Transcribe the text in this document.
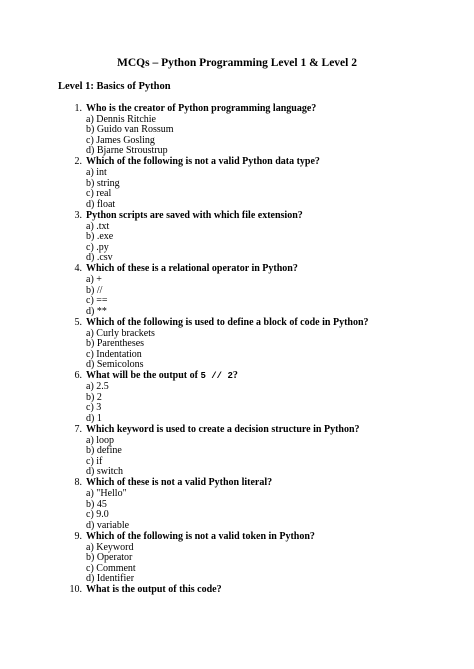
MCQs – Python Programming Level 1 & Level 2
Level 1: Basics of Python
1. Who is the creator of Python programming language?
a) Dennis Ritchie
b) Guido van Rossum
c) James Gosling
d) Bjarne Stroustrup
2. Which of the following is not a valid Python data type?
a) int
b) string
c) real
d) float
3. Python scripts are saved with which file extension?
a) .txt
b) .exe
c) .py
d) .csv
4. Which of these is a relational operator in Python?
a) +
b) //
c) ==
d) **
5. Which of the following is used to define a block of code in Python?
a) Curly brackets
b) Parentheses
c) Indentation
d) Semicolons
6. What will be the output of 5 // 2?
a) 2.5
b) 2
c) 3
d) 1
7. Which keyword is used to create a decision structure in Python?
a) loop
b) define
c) if
d) switch
8. Which of these is not a valid Python literal?
a) "Hello"
b) 45
c) 9.0
d) variable
9. Which of the following is not a valid token in Python?
a) Keyword
b) Operator
c) Comment
d) Identifier
10. What is the output of this code?
